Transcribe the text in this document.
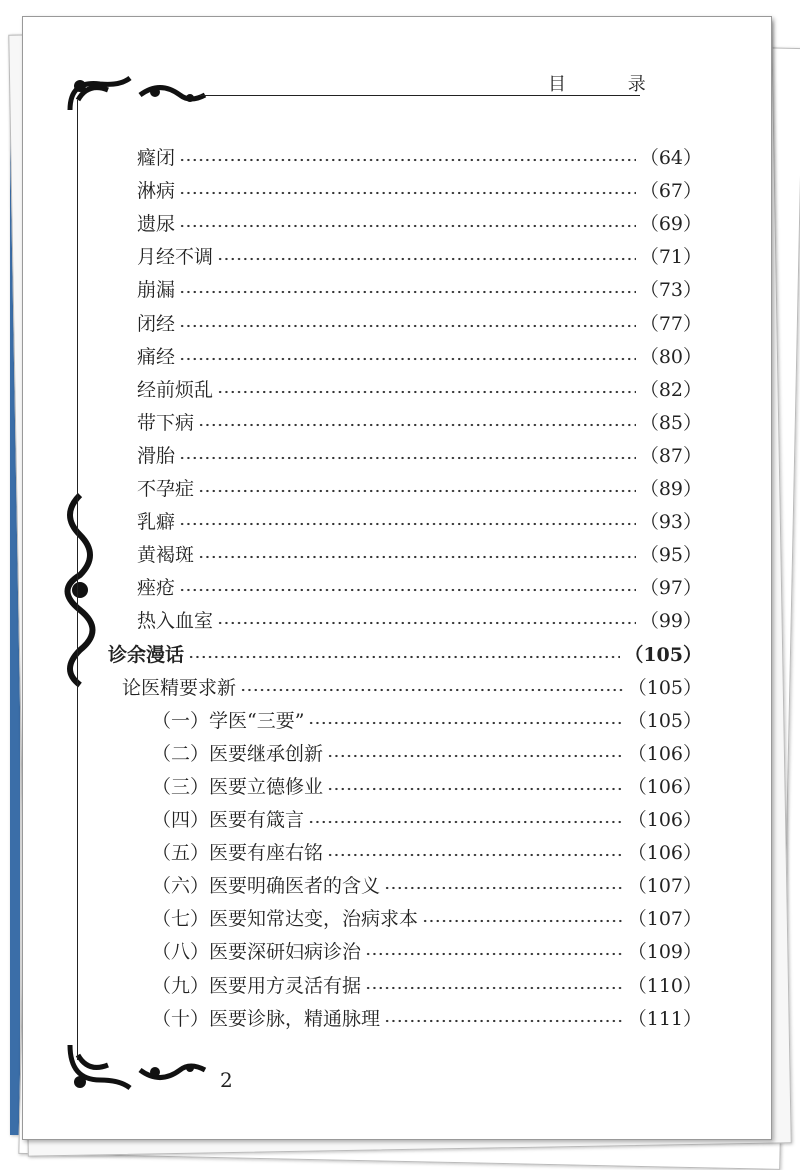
目 录
癃闭	（64）
淋病	（67）
遗尿	（69）
月经不调	（71）
崩漏	（73）
闭经	（77）
痛经	（80）
经前烦乱	（82）
带下病	（85）
滑胎	（87）
不孕症	（89）
乳癖	（93）
黄褐斑	（95）
痤疮	（97）
热入血室	（99）
诊余漫话	（105）
论医精要求新	（105）
（一）学医“三要”	（105）
（二）医要继承创新	（106）
（三）医要立德修业	（106）
（四）医要有箴言	（106）
（五）医要有座右铭	（106）
（六）医要明确医者的含义	（107）
（七）医要知常达变，治病求本	（107）
（八）医要深研妇病诊治	（109）
（九）医要用方灵活有据	（110）
（十）医要诊脉，精通脉理	（111）
2
